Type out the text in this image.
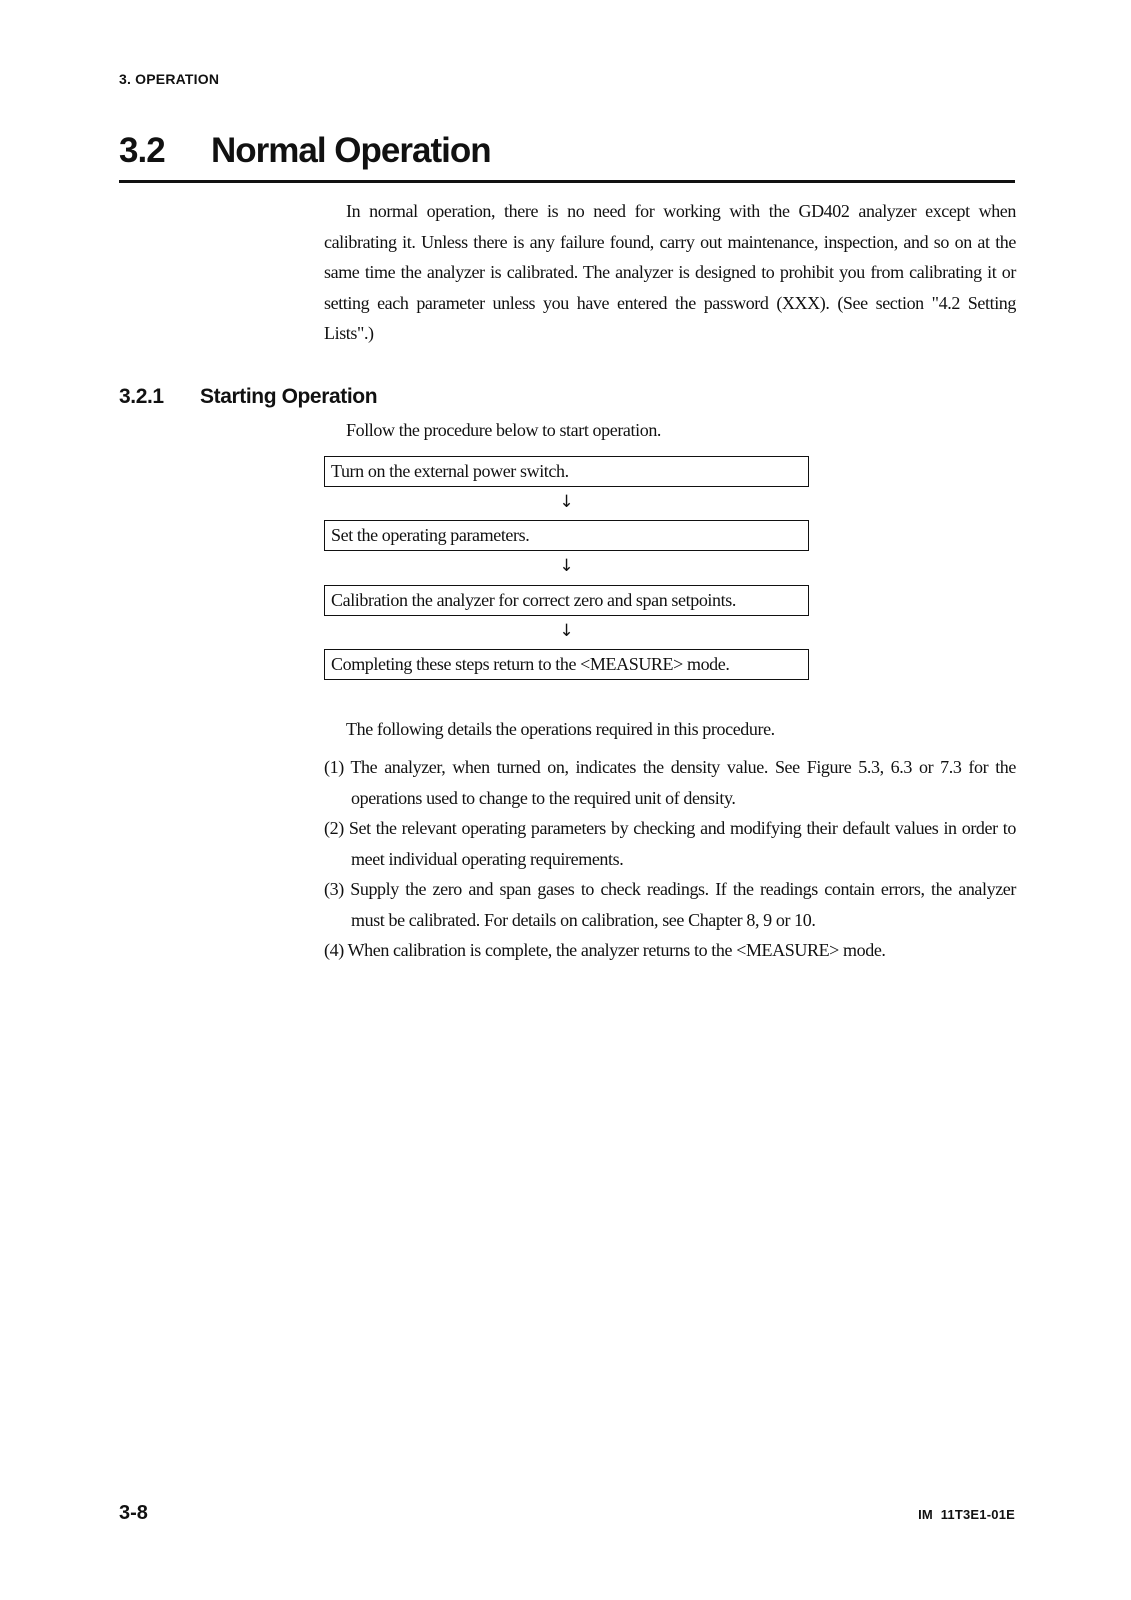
3. OPERATION
3.2 Normal Operation

In normal operation, there is no need for working with the GD402 analyzer except when calibrating it. Unless there is any failure found, carry out maintenance, inspection, and so on at the same time the analyzer is calibrated. The analyzer is designed to prohibit you from calibrating it or setting each parameter unless you have entered the password (XXX). (See section "4.2 Setting Lists".)

3.2.1 Starting Operation
Follow the procedure below to start operation.
Turn on the external power switch.
↓
Set the operating parameters.
↓
Calibration the analyzer for correct zero and span setpoints.
↓
Completing these steps return to the <MEASURE> mode.
The following details the operations required in this procedure.
(1) The analyzer, when turned on, indicates the density value. See Figure 5.3, 6.3 or 7.3 for the operations used to change to the required unit of density.
(2) Set the relevant operating parameters by checking and modifying their default values in order to meet individual operating requirements.
(3) Supply the zero and span gases to check readings. If the readings contain errors, the analyzer must be calibrated. For details on calibration, see Chapter 8, 9 or 10.
(4) When calibration is complete, the analyzer returns to the <MEASURE> mode.
3-8	IM 11T3E1-01E
